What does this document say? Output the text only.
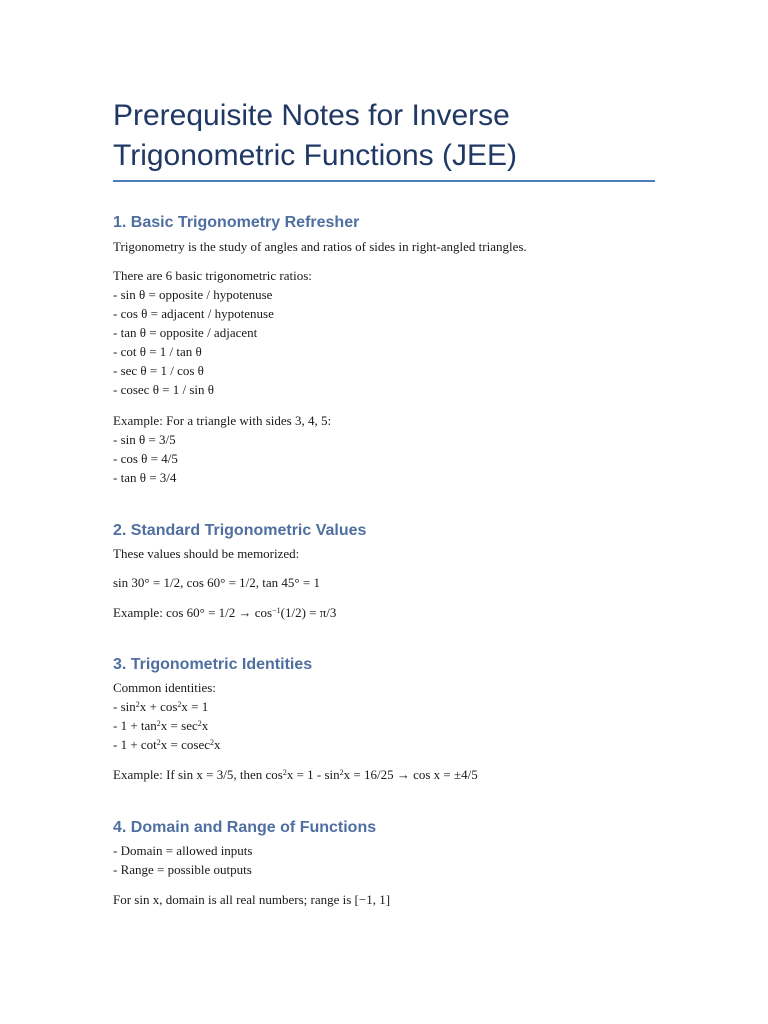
Prerequisite Notes for Inverse Trigonometric Functions (JEE)
1. Basic Trigonometry Refresher

Trigonometry is the study of angles and ratios of sides in right-angled triangles.

There are 6 basic trigonometric ratios:
- sin θ = opposite / hypotenuse
- cos θ = adjacent / hypotenuse
- tan θ = opposite / adjacent
- cot θ = 1 / tan θ
- sec θ = 1 / cos θ
- cosec θ = 1 / sin θ
Example: For a triangle with sides 3, 4, 5:
- sin θ = 3/5
- cos θ = 4/5
- tan θ = 3/4
2. Standard Trigonometric Values

These values should be memorized:

sin 30° = 1/2, cos 60° = 1/2, tan 45° = 1

Example: $\cos 60^\circ = 1/2 \to \cos^{-1}(1/2) = \pi/3$

3. Trigonometric Identities
Common identities:
- $\sin^2x + \cos^2x = 1$
- $1 + \tan^2x = \sec^2x$
- $1 + \cot^2x = cosec^2x$

Example: If sin x = 3/5, then $\cos^2x = 1 - \sin^2x = 16/25 \to \cos x = \pm 4/5$

4. Domain and Range of Functions
- Domain = allowed inputs
- Range = possible outputs

For sin x, domain is all real numbers; range is [−1, 1]
